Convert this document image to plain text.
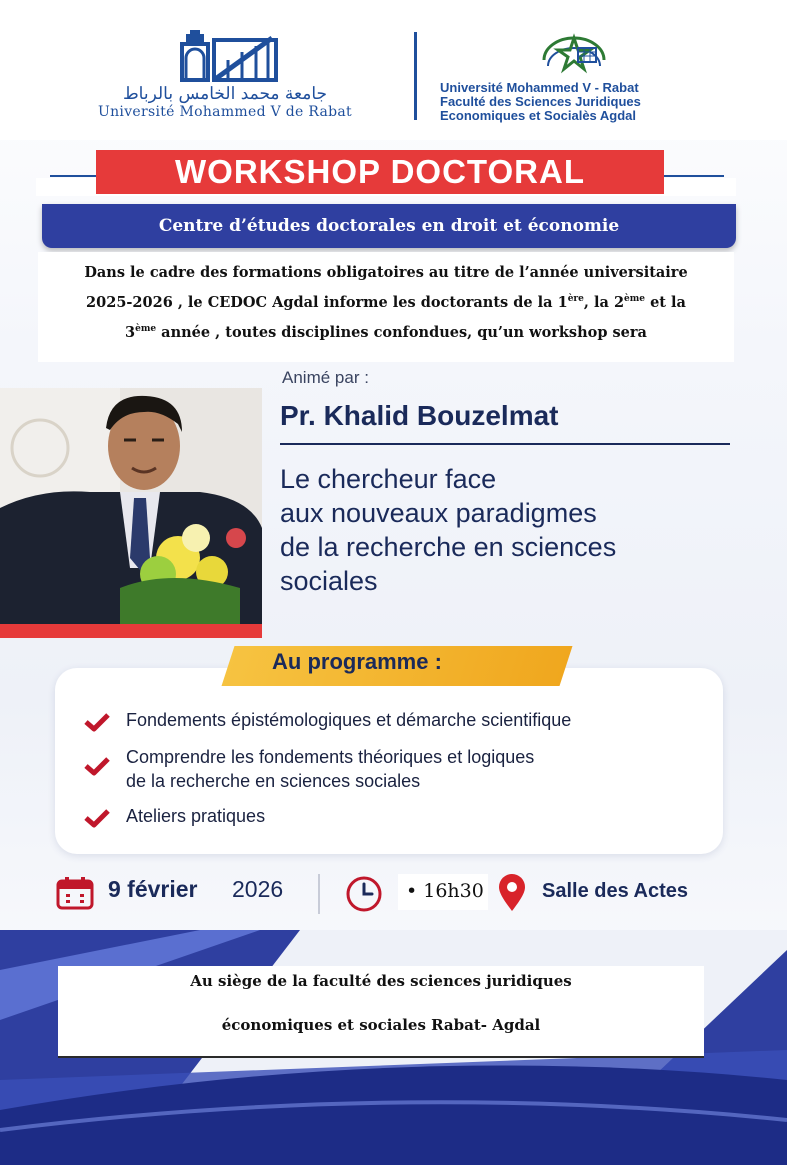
جامعة محمد الخامس بالرباط
Université Mohammed V de Rabat
Université Mohammed V - Rabat
Faculté des Sciences Juridiques
Economiques et Socialès Agdal
WORKSHOP DOCTORAL
Centre d’études doctorales en droit et économie
Dans le cadre des formations obligatoires au titre de l’année universitaire
2025-2026 , le CEDOC Agdal informe les doctorants de la 1ère, la 2ème et la
3ème année , toutes disciplines confondues, qu’un workshop sera
Animé par :
Pr. Khalid Bouzelmat
Le chercheur face
aux nouveaux paradigmes
de la recherche en sciences
sociales
Au programme :
Fondements épistémologiques et démarche scientifique
Comprendre les fondements théoriques et logiques
de la recherche en sciences sociales
Ateliers pratiques
9 février 2026	• 16h30	Salle des Actes
Au siège de la faculté des sciences juridiques
économiques et sociales Rabat- Agdal
